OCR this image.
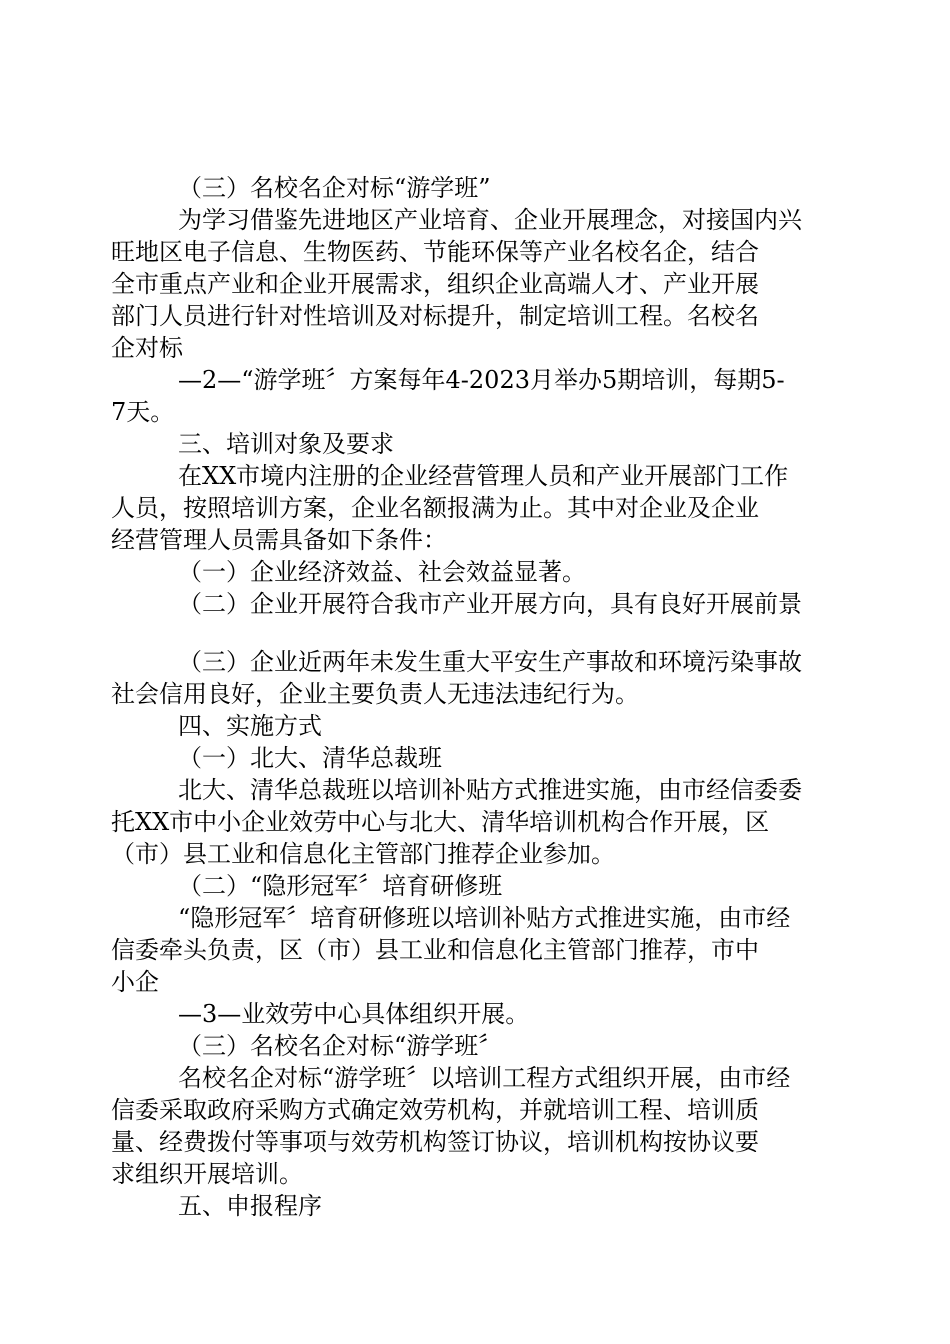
（三）名校名企对标“游学班”
为学习借鉴先进地区产业培育、企业开展理念，对接国内兴
旺地区电子信息、生物医药、节能环保等产业名校名企，结合
全市重点产业和企业开展需求，组织企业高端人才、产业开展
部门人员进行针对性培训及对标提升，制定培训工程。名校名
企对标
—2—“游学班〞方案每年4-2023月举办5期培训，每期5-
7天。
三、培训对象及要求
在XX市境内注册的企业经营管理人员和产业开展部门工作
人员，按照培训方案，企业名额报满为止。其中对企业及企业
经营管理人员需具备如下条件：
（一）企业经济效益、社会效益显著。
（二）企业开展符合我市产业开展方向，具有良好开展前景
（三）企业近两年未发生重大平安生产事故和环境污染事故
社会信用良好，企业主要负责人无违法违纪行为。
四、实施方式
（一）北大、清华总裁班
北大、清华总裁班以培训补贴方式推进实施，由市经信委委
托XX市中小企业效劳中心与北大、清华培训机构合作开展，区
（市）县工业和信息化主管部门推荐企业参加。
（二）“隐形冠军〞培育研修班
“隐形冠军〞培育研修班以培训补贴方式推进实施，由市经
信委牵头负责，区（市）县工业和信息化主管部门推荐，市中
小企
—3—业效劳中心具体组织开展。
（三）名校名企对标“游学班〞
名校名企对标“游学班〞以培训工程方式组织开展，由市经
信委采取政府采购方式确定效劳机构，并就培训工程、培训质
量、经费拨付等事项与效劳机构签订协议，培训机构按协议要
求组织开展培训。
五、申报程序
